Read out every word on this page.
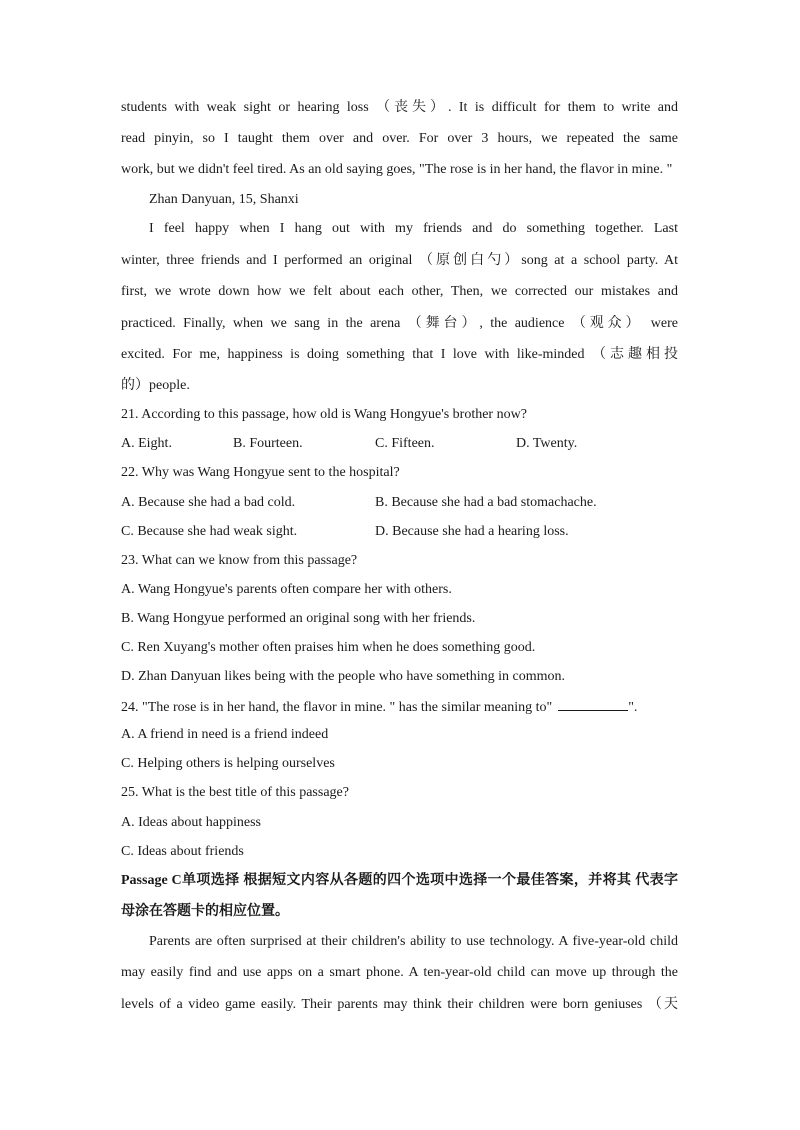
students with weak sight or hearing loss （丧失）. It is difficult for them to write and
read pinyin, so I taught them over and over. For over 3 hours, we repeated the same
work, but we didn't feel tired. As an old saying goes, "The rose is in her hand, the flavor in mine. "
Zhan Danyuan, 15, Shanxi
I feel happy when I hang out with my friends and do something together. Last
winter, three friends and I performed an original （原创白勺）song at a school party. At
first, we wrote down how we felt about each other, Then, we corrected our mistakes and
practiced. Finally, when we sang in the arena （舞台）, the audience （观众） were
excited. For me, happiness is doing something that I love with like-minded （志趣相投
的）people.
21. According to this passage, how old is Wang Hongyue's brother now?
A. Eight.	B. Fourteen.	C. Fifteen.	D. Twenty.
22. Why was Wang Hongyue sent to the hospital?
A. Because she had a bad cold.	B. Because she had a bad stomachache.
C. Because she had weak sight.	D. Because she had a hearing loss.
23. What can we know from this passage?
A. Wang Hongyue's parents often compare her with others.
B. Wang Hongyue performed an original song with her friends.
C. Ren Xuyang's mother often praises him when he does something good.
D. Zhan Danyuan likes being with the people who have something in common.
24. "The rose is in her hand, the flavor in mine. " has the similar meaning to"	".
A. A friend in need is a friend indeed
C. Helping others is helping ourselves
25. What is the best title of this passage?
A. Ideas about happiness
C. Ideas about friends
Passage C单项选择 根据短文内容从各题的四个选项中选择一个最佳答案，并将其 代表字
母涂在答题卡的相应位置。
Parents are often surprised at their children's ability to use technology. A five-year-old child
may easily find and use apps on a smart phone. A ten-year-old child can move up through the
levels of a video game easily. Their parents may think their children were born geniuses （天
